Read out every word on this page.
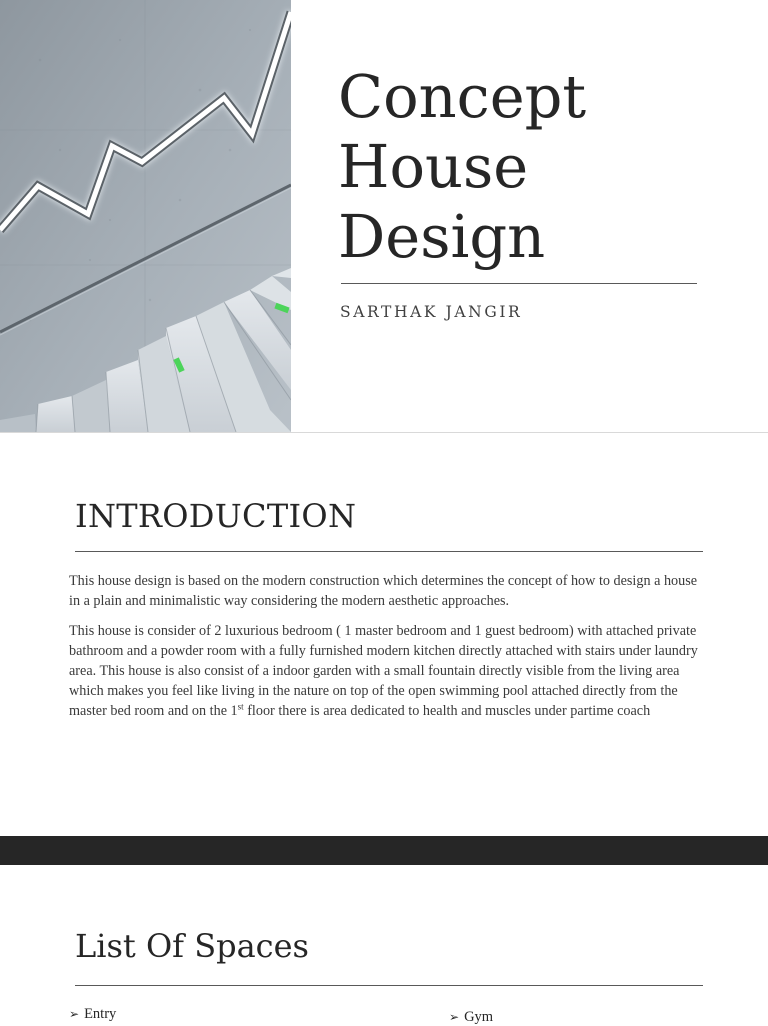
Concept
House
Design
SARTHAK JANGIR
INTRODUCTION

This house design is based on the modern construction which determines the concept of how to design a house in a plain and minimalistic way considering the modern aesthetic approaches.

This house is consider of 2 luxurious bedroom ( 1 master bedroom and 1 guest bedroom) with attached private bathroom and a powder room with a fully furnished modern kitchen directly attached with stairs under laundry area. This house is also consist of a indoor garden with a small fountain directly visible from the living area which makes you feel like living in the nature on top of the open swimming pool attached directly from the master bed room and on the 1st floor there is area dedicated to health and muscles under partime coach

List Of Spaces
➢ Entry	➢ Gym
